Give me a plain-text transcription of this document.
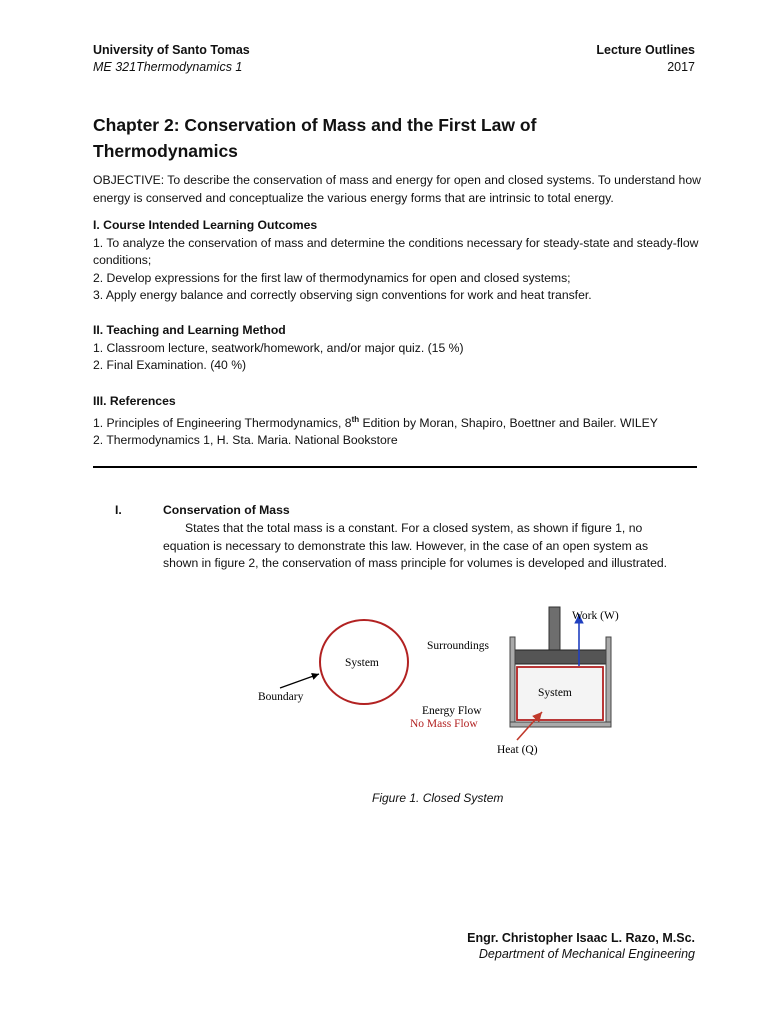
University of Santo Tomas
ME 321Thermodynamics 1
Lecture Outlines
2017
Chapter 2: Conservation of Mass and the First Law of Thermodynamics

OBJECTIVE: To describe the conservation of mass and energy for open and closed systems. To understand how energy is conserved and conceptualize the various energy forms that are intrinsic to total energy.

I. Course Intended Learning Outcomes

1. To analyze the conservation of mass and determine the conditions necessary for steady-state and steady-flow conditions;

2. Develop expressions for the first law of thermodynamics for open and closed systems;

3. Apply energy balance and correctly observing sign conventions for work and heat transfer.

II. Teaching and Learning Method

1. Classroom lecture, seatwork/homework, and/or major quiz. (15 %)

2. Final Examination. (40 %)

III. References

1. Principles of Engineering Thermodynamics, 8th Edition by Moran, Shapiro, Boettner and Bailer. WILEY

2. Thermodynamics 1, H. Sta. Maria. National Bookstore

I.	Conservation of Mass
States that the total mass is a constant. For a closed system, as shown if figure 1, no equation is necessary to demonstrate this law. However, in the case of an open system as shown in figure 2, the conservation of mass principle for volumes is developed and illustrated.
System
Surroundings
Boundary
Energy Flow
No Mass Flow
System
Work (W)
Heat (Q)
Figure 1. Closed System
Engr. Christopher Isaac L. Razo, M.Sc.
Department of Mechanical Engineering
